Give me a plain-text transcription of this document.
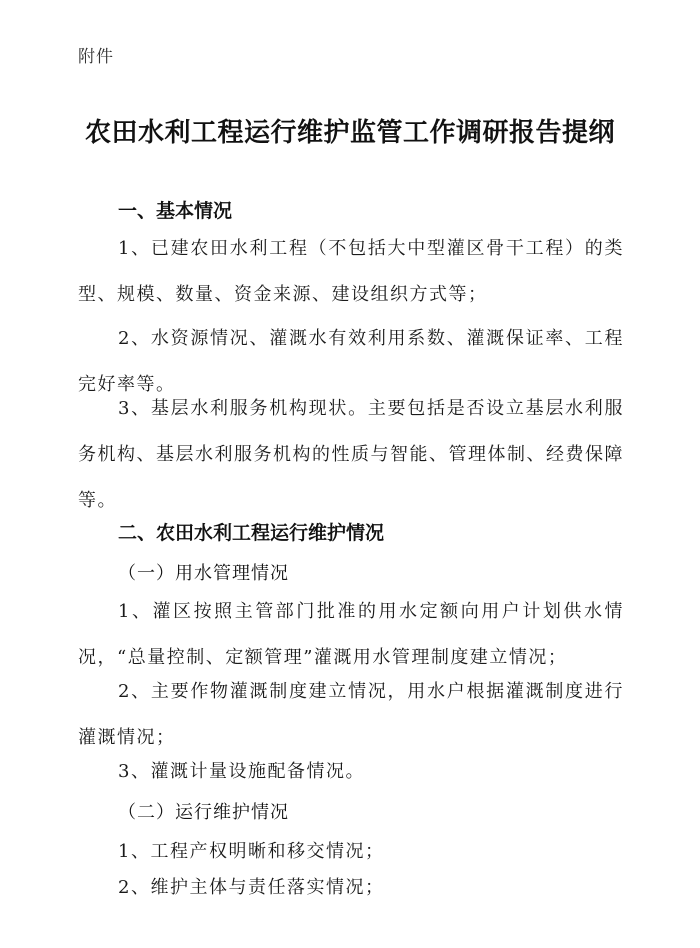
附件
农田水利工程运行维护监管工作调研报告提纲
一、基本情况

1、已建农田水利工程（不包括大中型灌区骨干工程）的类型、规模、数量、资金来源、建设组织方式等；

2、水资源情况、灌溉水有效利用系数、灌溉保证率、工程完好率等。

3、基层水利服务机构现状。主要包括是否设立基层水利服务机构、基层水利服务机构的性质与智能、管理体制、经费保障等。

二、农田水利工程运行维护情况
（一）用水管理情况

1、灌区按照主管部门批准的用水定额向用户计划供水情况，“总量控制、定额管理”灌溉用水管理制度建立情况；

2、主要作物灌溉制度建立情况，用水户根据灌溉制度进行灌溉情况；

3、灌溉计量设施配备情况。

（二）运行维护情况

1、工程产权明晰和移交情况；

2、维护主体与责任落实情况；
